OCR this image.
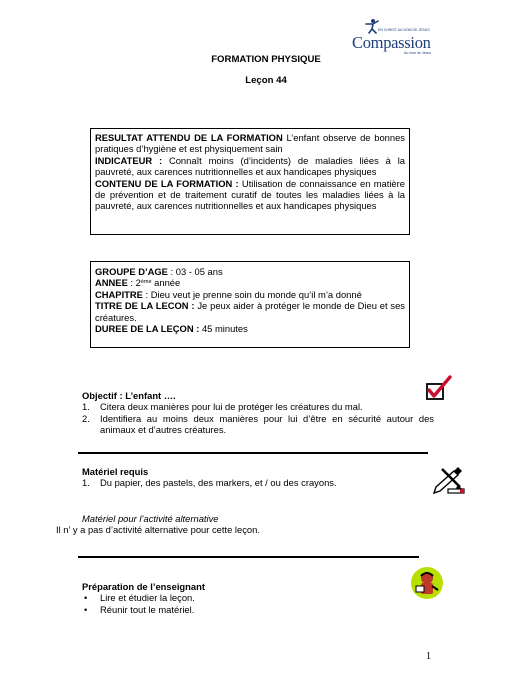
EN CHRIST AU NOM DE JÉSUS
Compassion
Au nom de Jésus
FORMATION PHYSIQUE
Leçon 44

RESULTAT ATTENDU DE LA FORMATION L’enfant observe de bonnes pratiques d’hygiène et est physiquement sain

INDICATEUR : Connaît moins (d’incidents) de maladies liées à la pauvreté, aux carences nutritionnelles et aux handicapes physiques

CONTENU DE LA FORMATION : Utilisation de connaissance en matière de prévention et de traitement curatif de toutes les maladies liées à la pauvreté, aux carences nutritionnelles et aux handicapes physiques

GROUPE D’AGE : 03 - 05 ans

ANNEE : 2ème année

CHAPITRE : Dieu veut je prenne soin du monde qu’il m’a donné

TITRE DE LA LECON : Je peux aider à protéger le monde de Dieu et ses créatures.

DUREE DE LA LEÇON : 45 minutes

Objectif : L’enfant ….
1. Citera deux manières pour lui de protéger les créatures du mal.
2. Identifiera au moins deux manières pour lui d’être en sécurité autour des animaux et d’autres créatures.
Matériel requis
1. Du papier, des pastels, des markers, et / ou des crayons.
Matériel pour l’activité alternative
Il n’ y a pas d’activité alternative pour cette leçon.
Préparation de l’enseignant
• Lire et étudier la leçon.
• Réunir tout le matériel.
1
